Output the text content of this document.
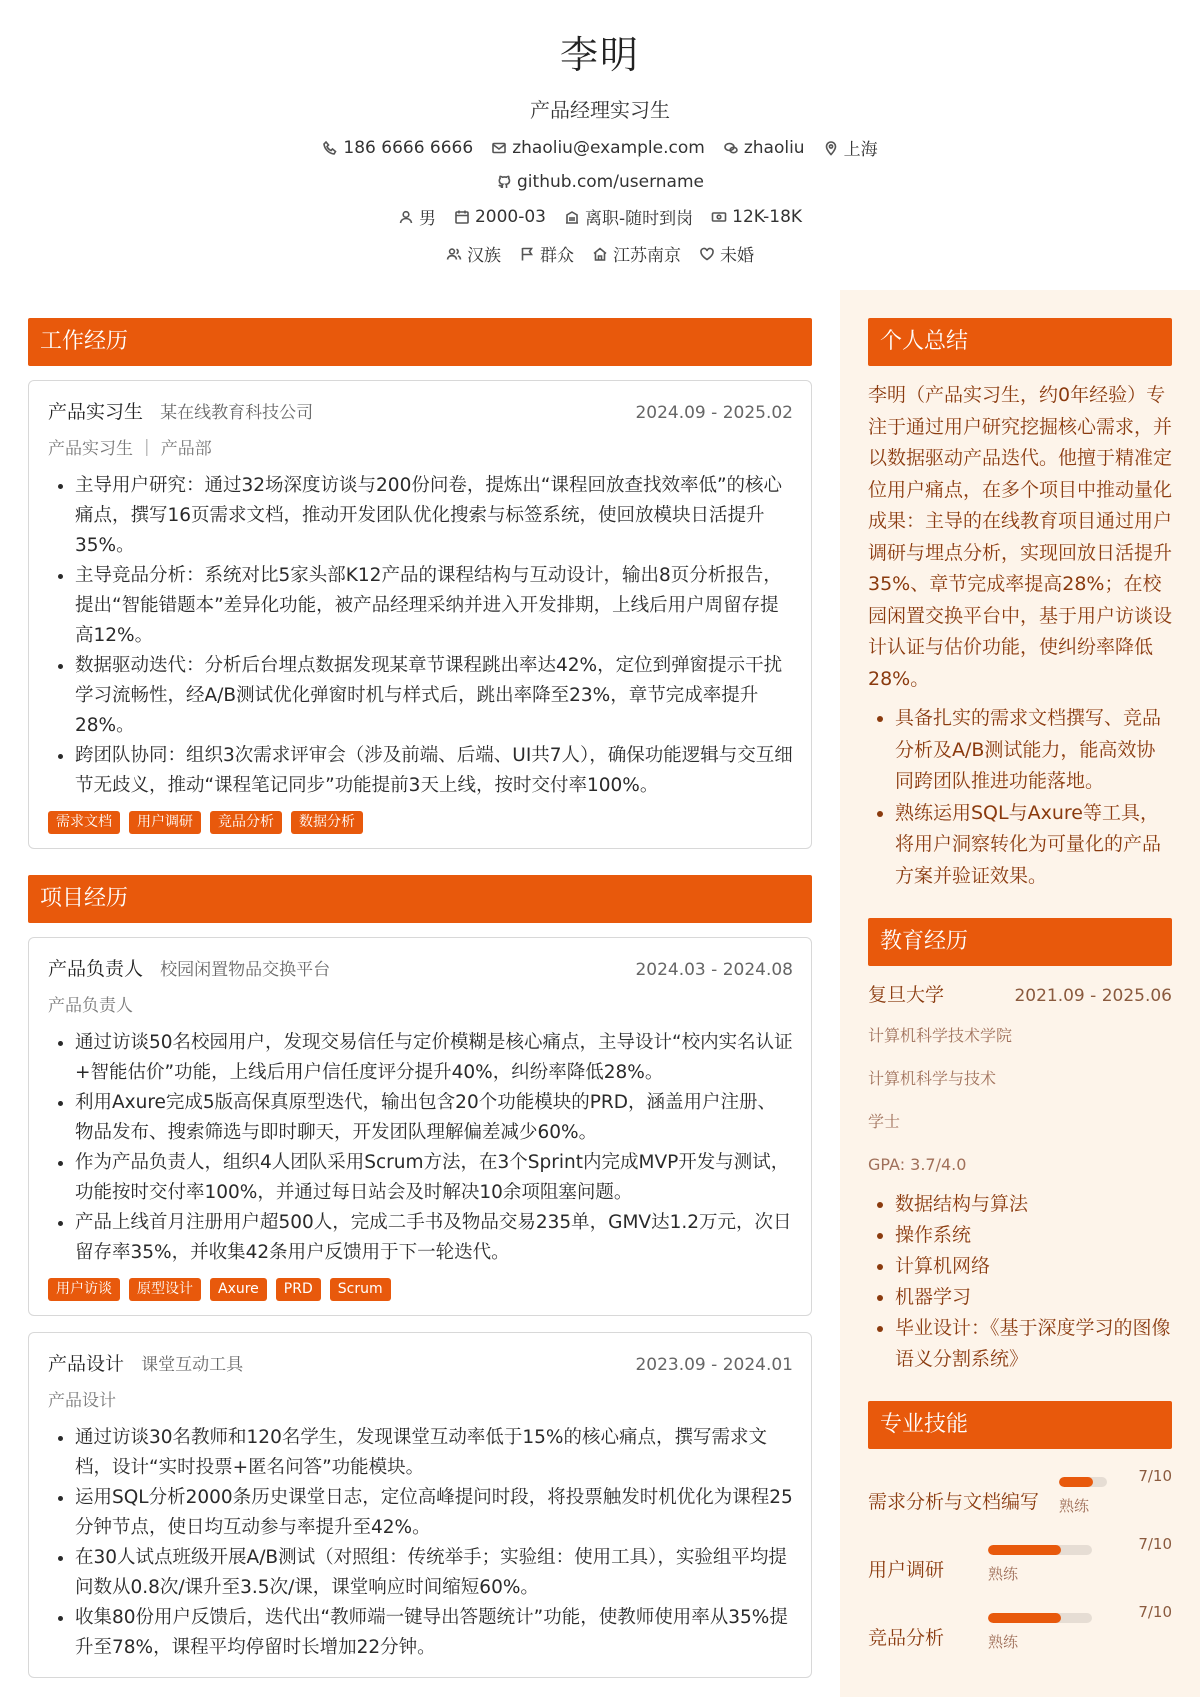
李明
产品经理实习生
186 6666 6666 zhaoliu@example.com zhaoliu 上海
github.com/username
男 2000-03 离职-随时到岗 12K-18K
汉族 群众 江苏南京 未婚
工作经历
产品实习生 某在线教育科技公司	2024.09 - 2025.02
产品实习生 ｜ 产品部
• 主导用户研究：通过32场深度访谈与200份问卷，提炼出“课程回放查找效率低”的核心痛点，撰写16页需求文档，推动开发团队优化搜索与标签系统，使回放模块日活提升35%。
• 主导竞品分析：系统对比5家头部K12产品的课程结构与互动设计，输出8页分析报告，提出“智能错题本”差异化功能，被产品经理采纳并进入开发排期，上线后用户周留存提高12%。
• 数据驱动迭代：分析后台埋点数据发现某章节课程跳出率达42%，定位到弹窗提示干扰学习流畅性，经A/B测试优化弹窗时机与样式后，跳出率降至23%，章节完成率提升28%。
• 跨团队协同：组织3次需求评审会（涉及前端、后端、UI共7人），确保功能逻辑与交互细节无歧义，推动“课程笔记同步”功能提前3天上线，按时交付率100%。
需求文档	用户调研	竞品分析	数据分析
项目经历
产品负责人 校园闲置物品交换平台	2024.03 - 2024.08
产品负责人
• 通过访谈50名校园用户，发现交易信任与定价模糊是核心痛点，主导设计“校内实名认证+智能估价”功能，上线后用户信任度评分提升40%，纠纷率降低28%。
• 利用Axure完成5版高保真原型迭代，输出包含20个功能模块的PRD，涵盖用户注册、物品发布、搜索筛选与即时聊天，开发团队理解偏差减少60%。
• 作为产品负责人，组织4人团队采用Scrum方法，在3个Sprint内完成MVP开发与测试，功能按时交付率100%，并通过每日站会及时解决10余项阻塞问题。
• 产品上线首月注册用户超500人，完成二手书及物品交易235单，GMV达1.2万元，次日留存率35%，并收集42条用户反馈用于下一轮迭代。
用户访谈	原型设计	Axure	PRD	Scrum
产品设计 课堂互动工具	2023.09 - 2024.01
产品设计
• 通过访谈30名教师和120名学生，发现课堂互动率低于15%的核心痛点，撰写需求文档，设计“实时投票+匿名问答”功能模块。
• 运用SQL分析2000条历史课堂日志，定位高峰提问时段，将投票触发时机优化为课程25分钟节点，使日均互动参与率提升至42%。
• 在30人试点班级开展A/B测试（对照组：传统举手；实验组：使用工具），实验组平均提问数从0.8次/课升至3.5次/课，课堂响应时间缩短60%。
• 收集80份用户反馈后，迭代出“教师端一键导出答题统计”功能，使教师使用率从35%提升至78%，课程平均停留时长增加22分钟。
个人总结
李明（产品实习生，约0年经验）专注于通过用户研究挖掘核心需求，并以数据驱动产品迭代。他擅于精准定位用户痛点，在多个项目中推动量化成果：主导的在线教育项目通过用户调研与埋点分析，实现回放日活提升35%、章节完成率提高28%；在校园闲置交换平台中，基于用户访谈设计认证与估价功能，使纠纷率降低28%。
• 具备扎实的需求文档撰写、竞品分析及A/B测试能力，能高效协同跨团队推进功能落地。
• 熟练运用SQL与Axure等工具，将用户洞察转化为可量化的产品方案并验证效果。
教育经历
复旦大学	2021.09 - 2025.06
计算机科学技术学院
计算机科学与技术
学士
GPA: 3.7/4.0
• 数据结构与算法
• 操作系统
• 计算机网络
• 机器学习
• 毕业设计：《基于深度学习的图像语义分割系统》
专业技能
需求分析与文档编写
7/10
熟练
用户调研
7/10
熟练
竞品分析
7/10
熟练
